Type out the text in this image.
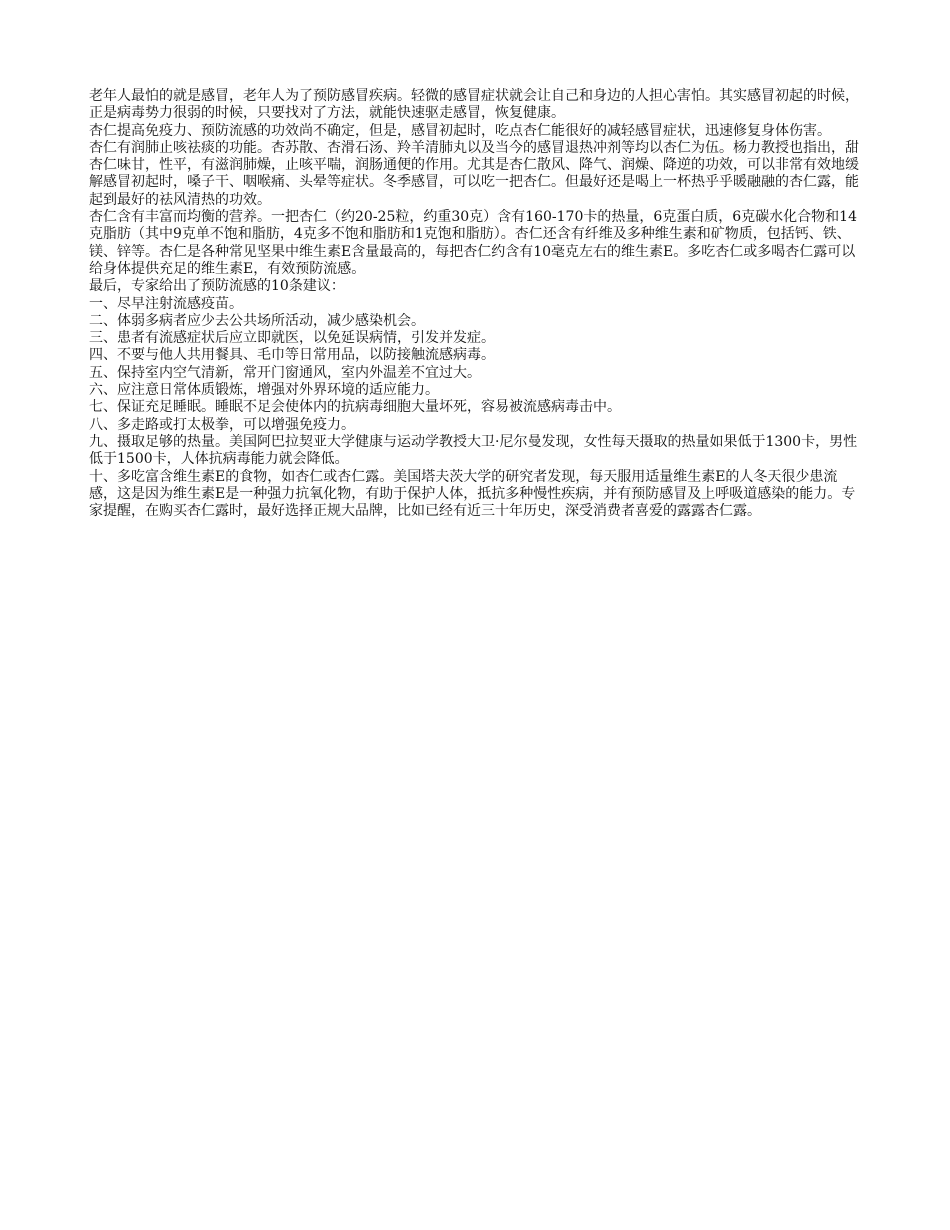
老年人最怕的就是感冒，老年人为了预防感冒疾病。轻微的感冒症状就会让自己和身边的人担心害怕。其实感冒初起的时候，正是病毒势力很弱的时候，只要找对了方法，就能快速驱走感冒，恢复健康。

杏仁提高免疫力、预防流感的功效尚不确定，但是，感冒初起时，吃点杏仁能很好的减轻感冒症状，迅速修复身体伤害。

杏仁有润肺止咳祛痰的功能。杏苏散、杏滑石汤、羚羊清肺丸以及当今的感冒退热冲剂等均以杏仁为伍。杨力教授也指出，甜杏仁味甘，性平，有滋润肺燥，止咳平喘，润肠通便的作用。尤其是杏仁散风、降气、润燥、降逆的功效，可以非常有效地缓解感冒初起时，嗓子干、咽喉痛、头晕等症状。冬季感冒，可以吃一把杏仁。但最好还是喝上一杯热乎乎暖融融的杏仁露，能起到最好的祛风清热的功效。

杏仁含有丰富而均衡的营养。一把杏仁（约20-25粒，约重30克）含有160-170卡的热量，6克蛋白质，6克碳水化合物和14克脂肪（其中9克单不饱和脂肪，4克多不饱和脂肪和1克饱和脂肪）。杏仁还含有纤维及多种维生素和矿物质，包括钙、铁、镁、锌等。杏仁是各种常见坚果中维生素E含量最高的，每把杏仁约含有10毫克左右的维生素E。多吃杏仁或多喝杏仁露可以给身体提供充足的维生素E，有效预防流感。

最后，专家给出了预防流感的10条建议：

一、尽早注射流感疫苗。
二、体弱多病者应少去公共场所活动，减少感染机会。
三、患者有流感症状后应立即就医，以免延误病情，引发并发症。
四、不要与他人共用餐具、毛巾等日常用品，以防接触流感病毒。
五、保持室内空气清新，常开门窗通风，室内外温差不宜过大。
六、应注意日常体质锻炼，增强对外界环境的适应能力。
七、保证充足睡眠。睡眠不足会使体内的抗病毒细胞大量坏死，容易被流感病毒击中。
八、多走路或打太极拳，可以增强免疫力。
九、摄取足够的热量。美国阿巴拉契亚大学健康与运动学教授大卫·尼尔曼发现，女性每天摄取的热量如果低于1300卡，男性低于1500卡，人体抗病毒能力就会降低。
十、多吃富含维生素E的食物，如杏仁或杏仁露。美国塔夫茨大学的研究者发现，每天服用适量维生素E的人冬天很少患流感，这是因为维生素E是一种强力抗氧化物，有助于保护人体，抵抗多种慢性疾病，并有预防感冒及上呼吸道感染的能力。专家提醒，在购买杏仁露时，最好选择正规大品牌，比如已经有近三十年历史，深受消费者喜爱的露露杏仁露。
